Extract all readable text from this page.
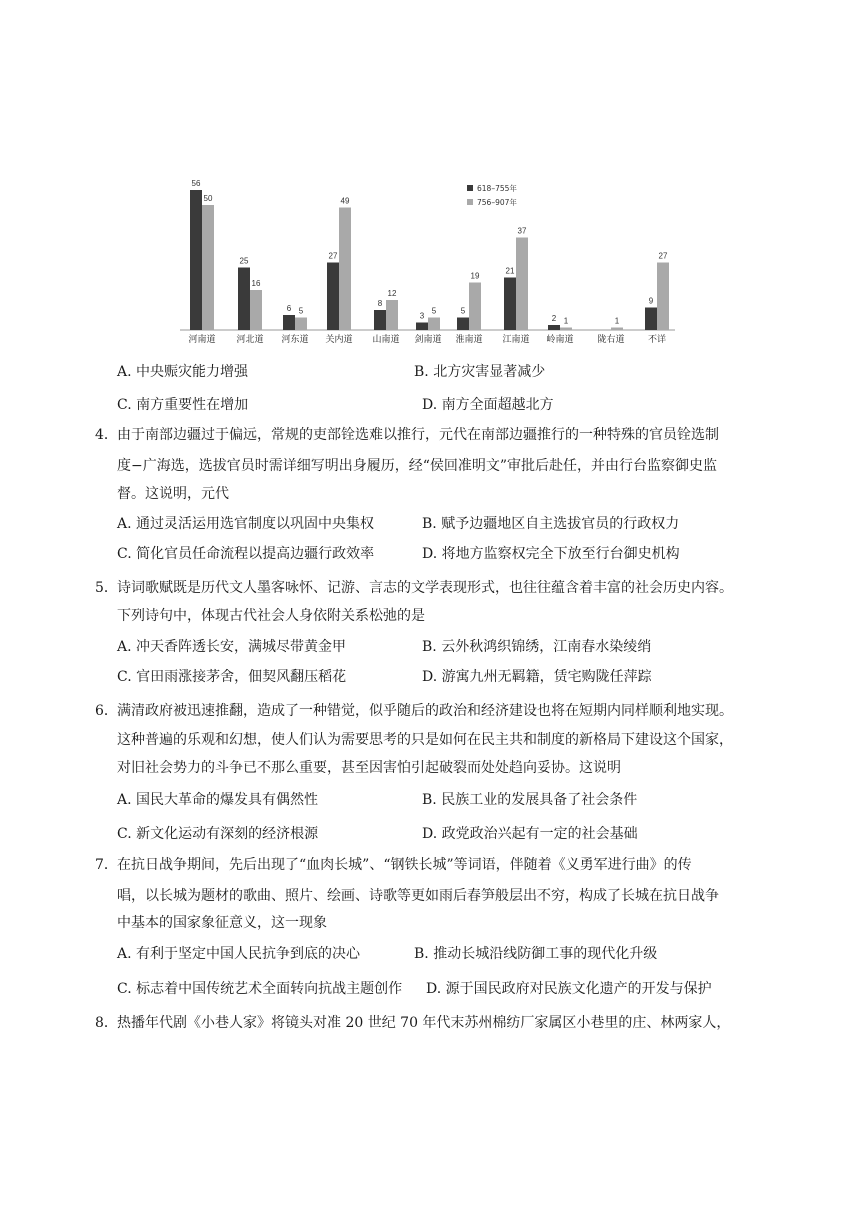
56
50
河南道
25
16
河北道
6 5
河东道
27
49
关内道
8
12
山南道
3
5
剑南道
5
19
淮南道
21
37
江南道
2 1
岭南道
1
陇右道
9
27
不详
618–755年
756–907年
A. 中央赈灾能力增强	B. 北方灾害显著减少
C. 南方重要性在增加	D. 南方全面超越北方
4． 由于南部边疆过于偏远，常规的吏部铨选难以推行，元代在南部边疆推行的一种特殊的官员铨选制
度−广海选，选拔官员时需详细写明出身履历，经“侯回准明文”审批后赴任，并由行台监察御史监
督。这说明，元代
A. 通过灵活运用选官制度以巩固中央集权	B. 赋予边疆地区自主选拔官员的行政权力
C. 简化官员任命流程以提高边疆行政效率	D. 将地方监察权完全下放至行台御史机构
5． 诗词歌赋既是历代文人墨客咏怀、记游、言志的文学表现形式，也往往蕴含着丰富的社会历史内容。
下列诗句中，体现古代社会人身依附关系松弛的是
A. 冲天香阵透长安，满城尽带黄金甲	B. 云外秋鸿织锦绣，江南春水染绫绡
C. 官田雨涨接茅舍，佃契风翻压稻花	D. 游寓九州无羁籍，赁宅购陇任萍踪
6． 满清政府被迅速推翻，造成了一种错觉，似乎随后的政治和经济建设也将在短期内同样顺利地实现。
这种普遍的乐观和幻想，使人们认为需要思考的只是如何在民主共和制度的新格局下建设这个国家，
对旧社会势力的斗争已不那么重要，甚至因害怕引起破裂而处处趋向妥协。这说明
A. 国民大革命的爆发具有偶然性	B. 民族工业的发展具备了社会条件
C. 新文化运动有深刻的经济根源	D. 政党政治兴起有一定的社会基础
7． 在抗日战争期间，先后出现了“血肉长城”、“钢铁长城”等词语，伴随着《义勇军进行曲》的传
唱，以长城为题材的歌曲、照片、绘画、诗歌等更如雨后春笋般层出不穷，构成了长城在抗日战争
中基本的国家象征意义，这一现象
A. 有利于坚定中国人民抗争到底的决心	B. 推动长城沿线防御工事的现代化升级
C. 标志着中国传统艺术全面转向抗战主题创作 D. 源于国民政府对民族文化遗产的开发与保护
8． 热播年代剧《小巷人家》将镜头对准 20 世纪 70 年代末苏州棉纺厂家属区小巷里的庄、林两家人，
